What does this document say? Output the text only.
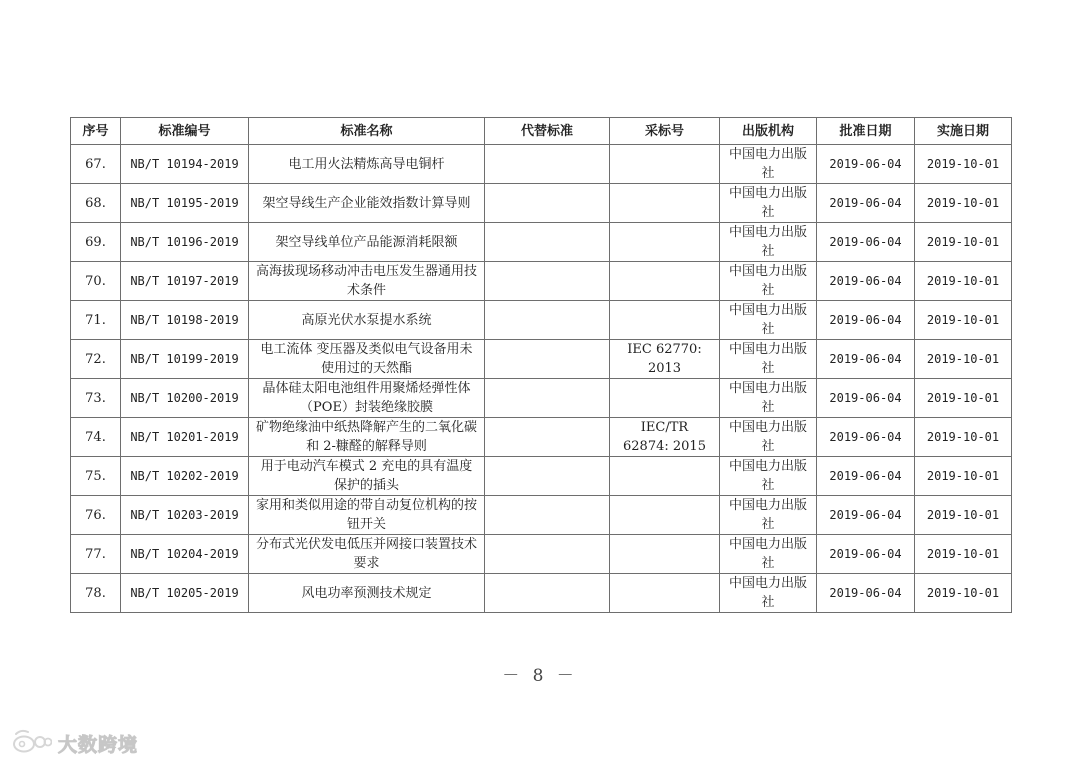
序号	标准编号	标准名称	代替标准	采标号	出版机构	批准日期	实施日期
67.	NB/T 10194-2019	电工用火法精炼高导电铜杆			中国电力出版社	2019-06-04	2019-10-01
68.	NB/T 10195-2019	架空导线生产企业能效指数计算导则			中国电力出版社	2019-06-04	2019-10-01
69.	NB/T 10196-2019	架空导线单位产品能源消耗限额			中国电力出版社	2019-06-04	2019-10-01
70.	NB/T 10197-2019	高海拔现场移动冲击电压发生器通用技术条件			中国电力出版社	2019-06-04	2019-10-01
71.	NB/T 10198-2019	高原光伏水泵提水系统			中国电力出版社	2019-06-04	2019-10-01
72.	NB/T 10199-2019	电工流体 变压器及类似电气设备用未使用过的天然酯		IEC 62770: 2013	中国电力出版社	2019-06-04	2019-10-01
73.	NB/T 10200-2019	晶体硅太阳电池组件用聚烯烃弹性体（POE）封装绝缘胶膜			中国电力出版社	2019-06-04	2019-10-01
74.	NB/T 10201-2019	矿物绝缘油中纸热降解产生的二氧化碳和 2-糠醛的解释导则		IEC/TR 62874: 2015	中国电力出版社	2019-06-04	2019-10-01
75.	NB/T 10202-2019	用于电动汽车模式 2 充电的具有温度保护的插头			中国电力出版社	2019-06-04	2019-10-01
76.	NB/T 10203-2019	家用和类似用途的带自动复位机构的按钮开关			中国电力出版社	2019-06-04	2019-10-01
77.	NB/T 10204-2019	分布式光伏发电低压并网接口装置技术要求			中国电力出版社	2019-06-04	2019-10-01
78.	NB/T 10205-2019	风电功率预测技术规定			中国电力出版社	2019-06-04	2019-10-01
－ 8 －
大数跨境
